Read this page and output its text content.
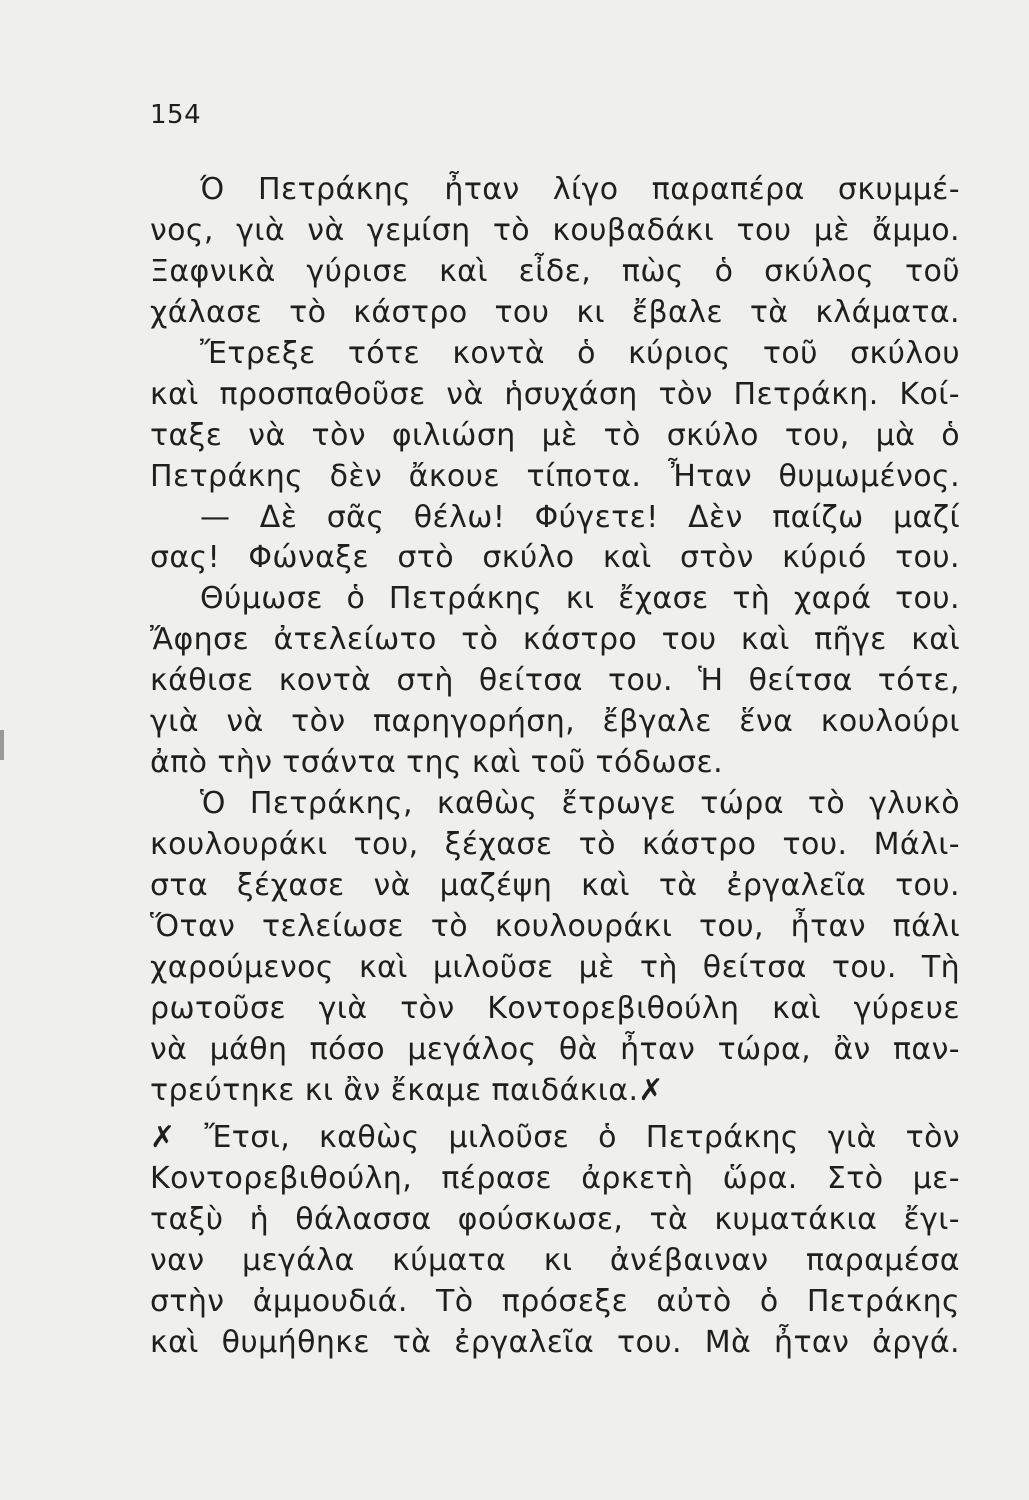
154
Ό Πετράκης ἦταν λίγο παραπέρα σκυμμέ-
νος, γιὰ νὰ γεμίση τὸ κουβαδάκι του μὲ ἄμμο.
Ξαφνικὰ γύρισε καὶ εἶδε, πὼς ὁ σκύλος τοῦ
χάλασε τὸ κάστρο του κι ἔβαλε τὰ κλάματα.
Ἔτρεξε τότε κοντὰ ὁ κύριος τοῦ σκύλου
καὶ προσπαθοῦσε νὰ ἡσυχάση τὸν Πετράκη. Κοί-
ταξε νὰ τὸν φιλιώση μὲ τὸ σκύλο του, μὰ ὁ
Πετράκης δὲν ἄκουε τίποτα. Ἦταν θυμωμένος.
— Δὲ σᾶς θέλω! Φύγετε! Δὲν παίζω μαζί
σας! Φώναξε στὸ σκύλο καὶ στὸν κύριό του.
Θύμωσε ὁ Πετράκης κι ἔχασε τὴ χαρά του.
Ἄφησε ἀτελείωτο τὸ κάστρο του καὶ πῆγε καὶ
κάθισε κοντὰ στὴ θείτσα του. Ἡ θείτσα τότε,
γιὰ νὰ τὸν παρηγορήση, ἔβγαλε ἕνα κουλούρι
ἀπὸ τὴν τσάντα της καὶ τοῦ τόδωσε.
Ὁ Πετράκης, καθὼς ἔτρωγε τώρα τὸ γλυκὸ
κουλουράκι του, ξέχασε τὸ κάστρο του. Μάλι-
στα ξέχασε νὰ μαζέψη καὶ τὰ ἐργαλεῖα του.
Ὅταν τελείωσε τὸ κουλουράκι του, ἦταν πάλι
χαρούμενος καὶ μιλοῦσε μὲ τὴ θείτσα του. Τὴ
ρωτοῦσε γιὰ τὸν Κοντορεβιθούλη καὶ γύρευε
νὰ μάθη πόσο μεγάλος θὰ ἦταν τώρα, ἂν παν-
τρεύτηκε κι ἂν ἔκαμε παιδάκια.✗
✗ Ἔτσι, καθὼς μιλοῦσε ὁ Πετράκης γιὰ τὸν
Κοντορεβιθούλη, πέρασε ἀρκετὴ ὥρα. Στὸ με-
ταξὺ ἡ θάλασσα φούσκωσε, τὰ κυματάκια ἔγι-
ναν μεγάλα κύματα κι ἀνέβαιναν παραμέσα
στὴν ἀμμουδιά. Τὸ πρόσεξε αὐτὸ ὁ Πετράκης
καὶ θυμήθηκε τὰ ἐργαλεῖα του. Μὰ ἦταν ἀργά.
